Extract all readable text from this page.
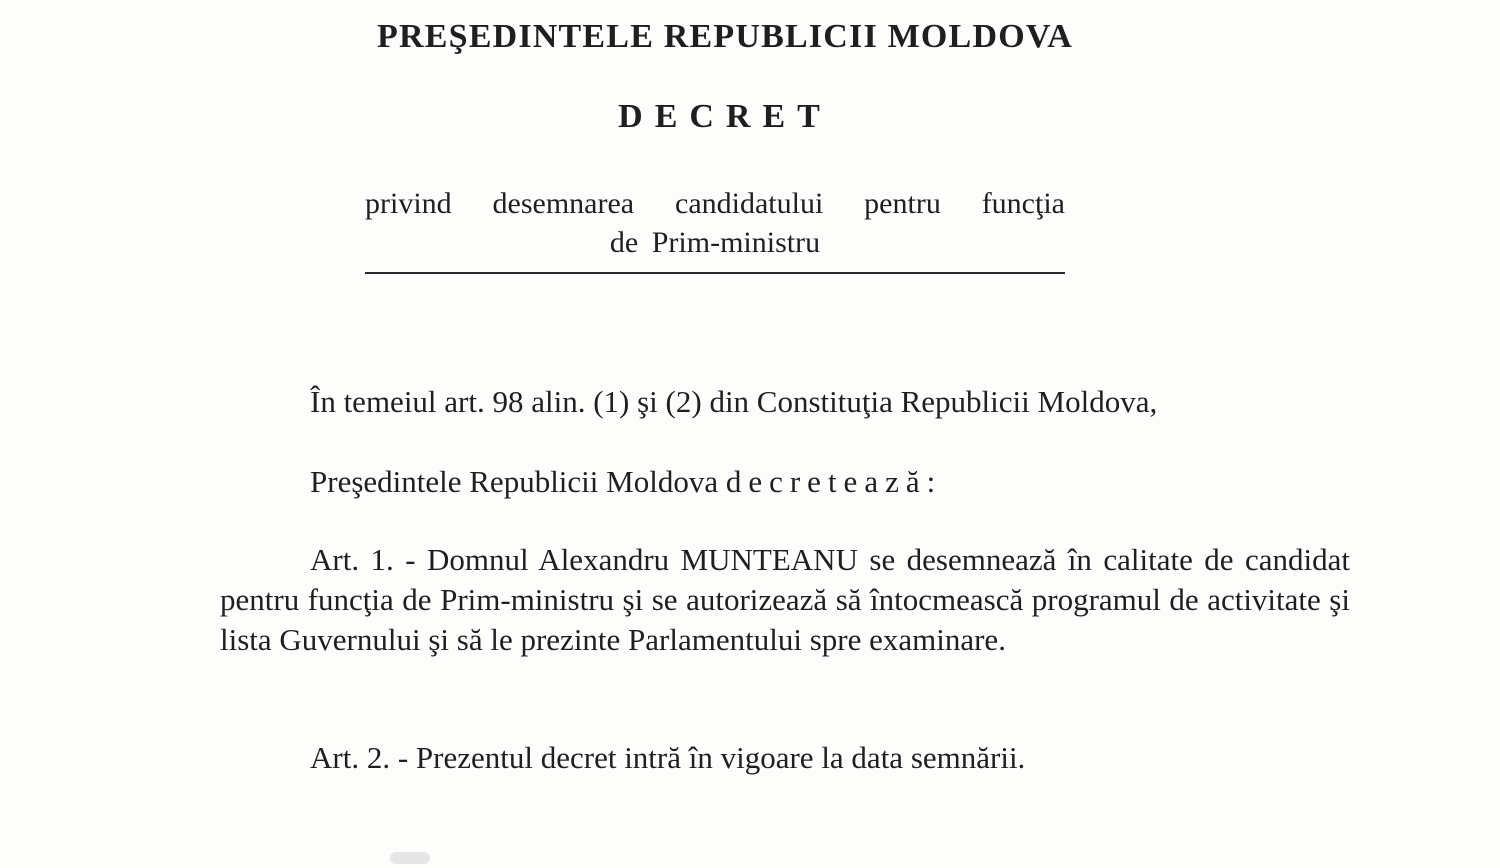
PREŞEDINTELE REPUBLICII MOLDOVA
DECRET
privind desemnarea candidatului pentru funcţia
de Prim-ministru

În temeiul art. 98 alin. (1) şi (2) din Constituţia Republicii Moldova,

Preşedintele Republicii Moldova decretează:

Art. 1. - Domnul Alexandru MUNTEANU se desemnează în calitate de candidat pentru funcţia de Prim-ministru şi se autorizează să întocmească programul de activitate şi lista Guvernului şi să le prezinte Parlamentului spre examinare.

Art. 2. - Prezentul decret intră în vigoare la data semnării.
